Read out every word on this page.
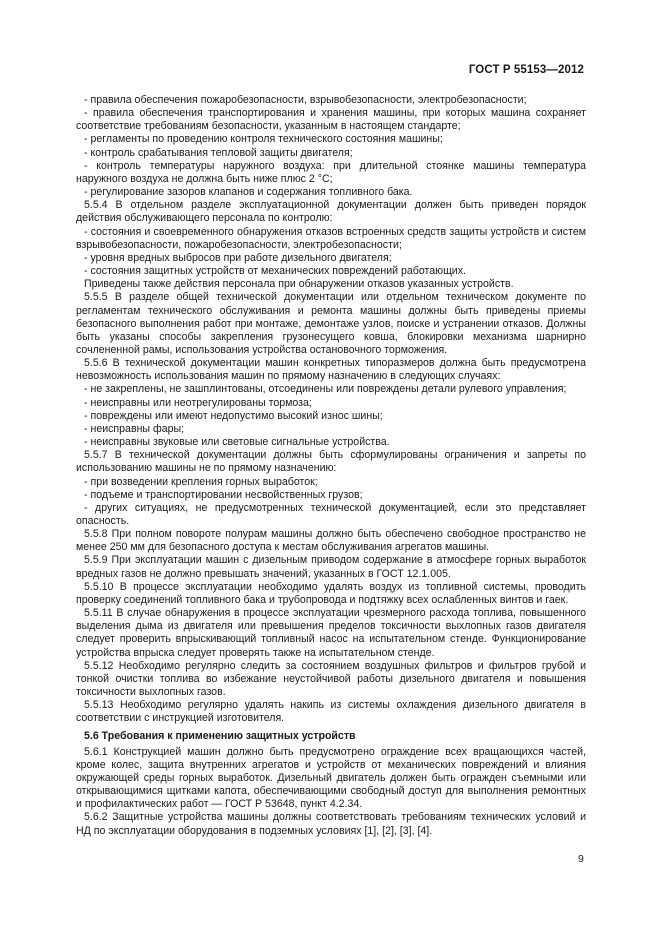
ГОСТ Р 55153—2012

- правила обеспечения пожаробезопасности, взрывобезопасности, электробезопасности;

- правила обеспечения транспортирования и хранения машины, при которых машина сохраняет соответствие требованиям безопасности, указанным в настоящем стандарте;

- регламенты по проведению контроля технического состояния машины;

- контроль срабатывания тепловой защиты двигателя;

- контроль температуры наружного воздуха: при длительной стоянке машины температура наружного воздуха не должна быть ниже плюс 2 °С;

- регулирование зазоров клапанов и содержания топливного бака.

5.5.4 В отдельном разделе эксплуатационной документации должен быть приведен порядок действия обслуживающего персонала по контролю:

- состояния и своевременного обнаружения отказов встроенных средств защиты устройств и систем взрывобезопасности, пожаробезопасности, электробезопасности;

- уровня вредных выбросов при работе дизельного двигателя;

- состояния защитных устройств от механических повреждений работающих.

Приведены также действия персонала при обнаружении отказов указанных устройств.

5.5.5 В разделе общей технической документации или отдельном техническом документе по регламентам технического обслуживания и ремонта машины должны быть приведены приемы безопасного выполнения работ при монтаже, демонтаже узлов, поиске и устранении отказов. Должны быть указаны способы закрепления грузонесущего ковша, блокировки механизма шарнирно сочлененной рамы, использования устройства остановочного торможения.

5.5.6 В технической документации машин конкретных типоразмеров должна быть предусмотрена невозможность использования машин по прямому назначению в следующих случаях:

- не закреплены, не зашплинтованы, отсоединены или повреждены детали рулевого управления;

- неисправны или неотрегулированы тормоза;

- повреждены или имеют недопустимо высокий износ шины;

- неисправны фары;

- неисправны звуковые или световые сигнальные устройства.

5.5.7 В технической документации должны быть сформулированы ограничения и запреты по использованию машины не по прямому назначению:

- при возведении крепления горных выработок;

- подъеме и транспортировании несвойственных грузов;

- других ситуациях, не предусмотренных технической документацией, если это представляет опасность.

5.5.8 При полном повороте полурам машины должно быть обеспечено свободное пространство не менее 250 мм для безопасного доступа к местам обслуживания агрегатов машины.

5.5.9 При эксплуатации машин с дизельным приводом содержание в атмосфере горных выработок вредных газов не должно превышать значений, указанных в ГОСТ 12.1.005.

5.5.10 В процессе эксплуатации необходимо удалять воздух из топливной системы, проводить проверку соединений топливного бака и трубопровода и подтяжку всех ослабленных винтов и гаек.

5.5.11 В случае обнаружения в процессе эксплуатации чрезмерного расхода топлива, повышенного выделения дыма из двигателя или превышения пределов токсичности выхлопных газов двигателя следует проверить впрыскивающий топливный насос на испытательном стенде. Функционирование устройства впрыска следует проверять также на испытательном стенде.

5.5.12 Необходимо регулярно следить за состоянием воздушных фильтров и фильтров грубой и тонкой очистки топлива во избежание неустойчивой работы дизельного двигателя и повышения токсичности выхлопных газов.

5.5.13 Необходимо регулярно удалять накипь из системы охлаждения дизельного двигателя в соответствии с инструкцией изготовителя.

5.6 Требования к применению защитных устройств

5.6.1 Конструкцией машин должно быть предусмотрено ограждение всех вращающихся частей, кроме колес, защита внутренних агрегатов и устройств от механических повреждений и влияния окружающей среды горных выработок. Дизельный двигатель должен быть огражден съемными или открывающимися щитками капота, обеспечивающими свободный доступ для выполнения ремонтных и профилактических работ — ГОСТ Р 53648, пункт 4.2.34.

5.6.2 Защитные устройства машины должны соответствовать требованиям технических условий и НД по эксплуатации оборудования в подземных условиях [1], [2], [3], [4].

9
